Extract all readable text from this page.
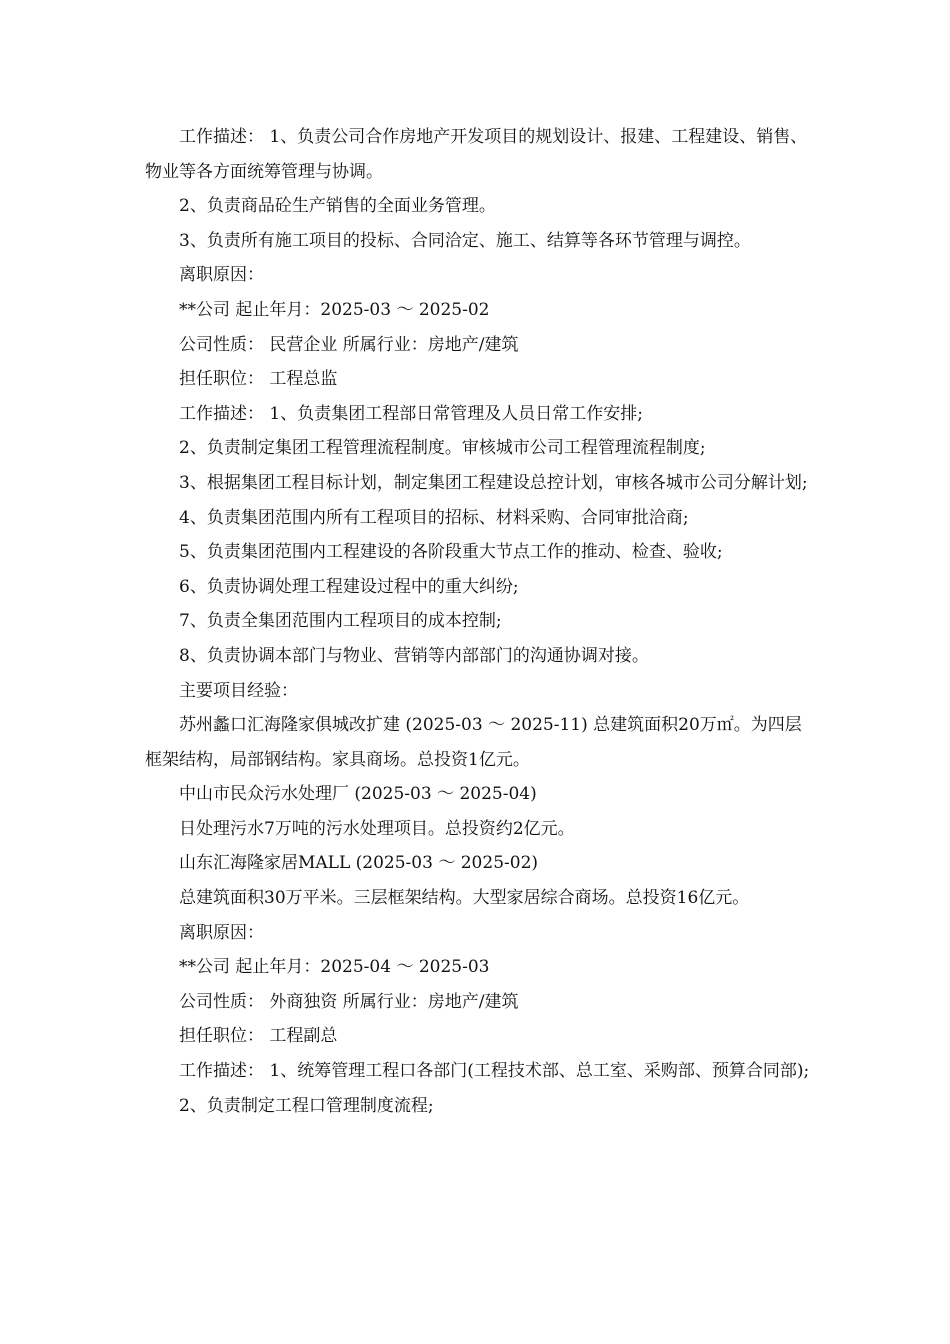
工作描述： 1、负责公司合作房地产开发项目的规划设计、报建、工程建设、销售、物业等各方面统筹管理与协调。

2、负责商品砼生产销售的全面业务管理。

3、负责所有施工项目的投标、合同洽定、施工、结算等各环节管理与调控。

离职原因：

**公司 起止年月：2025-03 ～ 2025-02

公司性质： 民营企业 所属行业：房地产/建筑

担任职位： 工程总监

工作描述： 1、负责集团工程部日常管理及人员日常工作安排;

2、负责制定集团工程管理流程制度。审核城市公司工程管理流程制度;

3、根据集团工程目标计划，制定集团工程建设总控计划，审核各城市公司分解计划;

4、负责集团范围内所有工程项目的招标、材料采购、合同审批洽商;

5、负责集团范围内工程建设的各阶段重大节点工作的推动、检查、验收;

6、负责协调处理工程建设过程中的重大纠纷;

7、负责全集团范围内工程项目的成本控制;

8、负责协调本部门与物业、营销等内部部门的沟通协调对接。

主要项目经验：

苏州蠡口汇海隆家俱城改扩建 (2025-03 ～ 2025-11) 总建筑面积20万㎡。为四层框架结构，局部钢结构。家具商场。总投资1亿元。

中山市民众污水处理厂 (2025-03 ～ 2025-04)

日处理污水7万吨的污水处理项目。总投资约2亿元。

山东汇海隆家居MALL (2025-03 ～ 2025-02)

总建筑面积30万平米。三层框架结构。大型家居综合商场。总投资16亿元。

离职原因：

**公司 起止年月：2025-04 ～ 2025-03

公司性质： 外商独资 所属行业：房地产/建筑

担任职位： 工程副总

工作描述： 1、统筹管理工程口各部门(工程技术部、总工室、采购部、预算合同部);

2、负责制定工程口管理制度流程;
